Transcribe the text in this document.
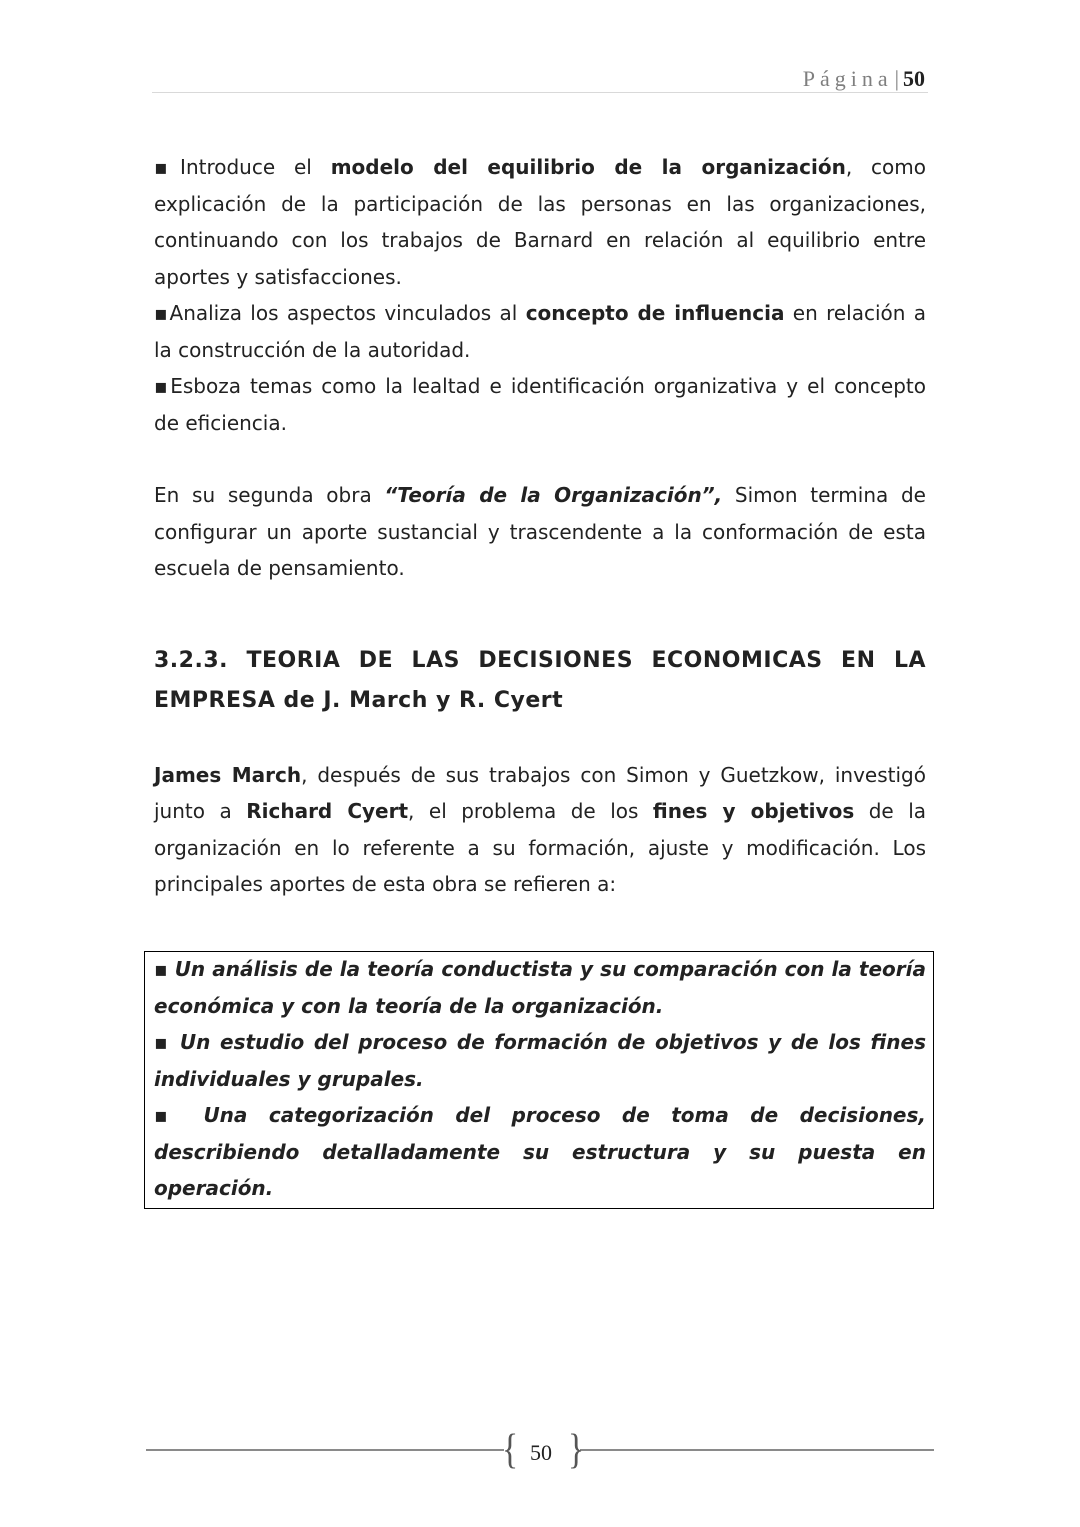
Página| 50

▪Introduce el modelo del equilibrio de la organización, como explicación de la participación de las personas en las organizaciones, continuando con los trabajos de Barnard en relación al equilibrio entre aportes y satisfacciones.

▪Analiza los aspectos vinculados al concepto de influencia en relación a la construcción de la autoridad.

▪Esboza temas como la lealtad e identificación organizativa y el concepto de eficiencia.

En su segunda obra “Teoría de la Organización”, Simon termina de configurar un aporte sustancial y trascendente a la conformación de esta escuela de pensamiento.

3.2.3. TEORIA DE LAS DECISIONES ECONOMICAS EN LA EMPRESA de J. March y R. Cyert

James March, después de sus trabajos con Simon y Guetzkow, investigó junto a Richard Cyert, el problema de los fines y objetivos de la organización en lo referente a su formación, ajuste y modificación. Los principales aportes de esta obra se refieren a:

▪ Un análisis de la teoría conductista y su comparación con la teoría económica y con la teoría de la organización.

▪ Un estudio del proceso de formación de objetivos y de los fines individuales y grupales.

▪ Una categorización del proceso de toma de decisiones, describiendo detalladamente su estructura y su puesta en operación.

{ }
50
